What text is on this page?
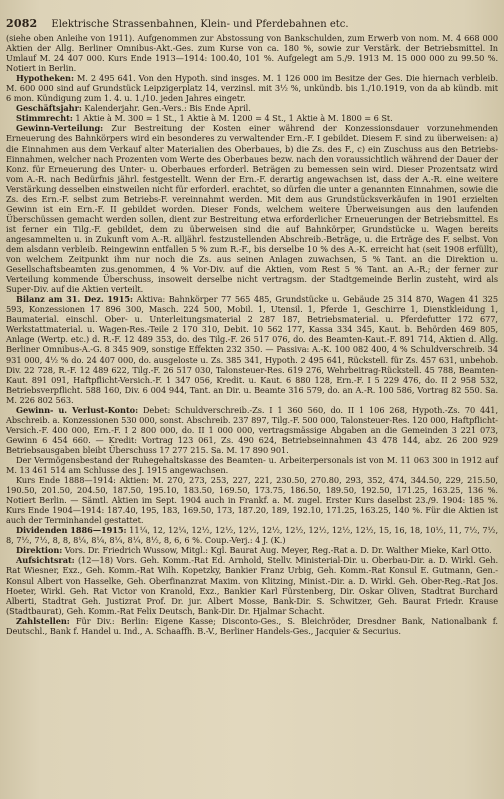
2082 Elektrische Strassenbahnen, Klein- und Pferdebahnen etc.

(siehe oben Anleihe von 1911). Aufgenommen zur Abstossung von Bankschulden, zum Erwerb von nom. M. 4 668 000 Aktien der Allg. Berliner Omnibus-Akt.-Ges. zum Kurse von ca. 180 %, sowie zur Verstärk. der Betriebsmittel. In Umlauf M. 24 407 000. Kurs Ende 1913—1914: 100.40, 101 %. Aufgelegt am 5./9. 1913 M. 15 000 000 zu 99.50 %. Notiert in Berlin.

Hypotheken: M. 2 495 641. Von den Hypoth. sind insges. M. 1 126 000 im Besitze der Ges. Die hiernach verbleib. M. 600 000 sind auf Grundstück Leipzigerplatz 14, verzinsl. mit 3½ %, unkündb. bis 1./10.1919, von da ab kündb. mit 6 mon. Kündigung zum 1. 4. u. 1./10. jeden Jahres eingetr.

Geschäftsjahr: Kalenderjahr. Gen.-Vers.: Bis Ende April.

Stimmrecht: 1 Aktie à M. 300 = 1 St., 1 Aktie à M. 1200 = 4 St., 1 Aktie à M. 1800 = 6 St.

Gewinn-Verteilung: Zur Bestreitung der Kosten einer während der Konzessionsdauer vorzunehmenden Erneuerung des Bahnkörpers wird ein besonderes zu verwaltender Ern.-F. I gebildet. Diesem F. sind zu überweisen: a) die Einnahmen aus dem Verkauf alter Materialien des Oberbaues, b) die Zs. des F., c) ein Zuschuss aus den Betriebs-Einnahmen, welcher nach Prozenten vom Werte des Oberbaues bezw. nach den voraussichtlich während der Dauer der Konz. für Erneuerung des Unter- u. Oberbaues erforderl. Beträgen zu bemessen sein wird. Dieser Prozentsatz wird vom A.-R. nach Bedürfnis jährl. festgestellt. Wenn der Ern.-F. derartig angewachsen ist, dass der A.-R. eine weitere Verstärkung desselben einstweilen nicht für erforderl. erachtet, so dürfen die unter a genannten Einnahmen, sowie die Zs. des Ern.-F. selbst zum Betriebs-F. vereinnahmt werden. Mit dem aus Grundstücksverkäufen in 1901 erzielten Gewinn ist ein Ern.-F. II gebildet worden. Dieser Fonds, welchem weitere Überweisungen aus den laufenden Überschüssen gemacht werden sollen, dient zur Bestreitung etwa erforderlicher Erneuerungen der Betriebsmittel. Es ist ferner ein Tilg.-F. gebildet, dem zu überweisen sind die auf Bahnkörper, Grundstücke u. Wagen bereits angesammelten u. in Zukunft vom A.-R. alljährl. festzustellenden Abschreib.-Beträge, u. die Erträge des F. selbst. Von dem alsdann verbleib. Reingewinn entfallen 5 % zum R.-F., bis derselbe 10 % des A.-K. erreicht hat (seit 1908 erfüllt), von welchem Zeitpunkt ihm nur noch die Zs. aus seinen Anlagen zuwachsen, 5 % Tant. an die Direktion u. Gesellschaftsbeamten zus.genommen, 4 % Vor-Div. auf die Aktien, vom Rest 5 % Tant. an A.-R.; der ferner zur Verteilung kommende Überschuss, insoweit derselbe nicht vertragsm. der Stadtgemeinde Berlin zusteht, wird als Super-Div. auf die Aktien verteilt.

Bilanz am 31. Dez. 1915: Aktiva: Bahnkörper 77 565 485, Grundstücke u. Gebäude 25 314 870, Wagen 41 325 593, Konzessionen 17 896 300, Masch. 224 500, Mobil. 1, Utensil. 1, Pferde 1, Geschirre 1, Dienstkleidung 1, Baumaterial. einschl. Ober- u. Unterleitungsmaterial 2 287 187, Betriebsmaterial. u. Pferdefutter 172 677, Werkstattmaterial. u. Wagen-Res.-Teile 2 170 310, Debit. 10 562 177, Kassa 334 345, Kaut. b. Behörden 469 805, Anlage (Wertp. etc.) d. R.-F. 12 489 353, do. des Tilg.-F. 26 517 076, do. des Beamten-Kaut.-F. 891 714, Aktien d. Allg. Berliner Omnibus-A.-G. 8 345 909, sonstige Effekten 232 350. — Passiva: A.-K. 100 082 400, 4 % Schuldverschreib. 34 931 000, 4½ % do. 24 407 000, do. ausgeloste u. Zs. 385 341, Hypoth. 2 495 641, Rückstell. für Zs. 457 631, unbehob. Div. 22 728, R.-F. 12 489 622, Tilg.-F. 26 517 030, Talonsteuer-Res. 619 276, Wehrbeitrag-Rückstell. 45 788, Beamten-Kaut. 891 091, Haftpflicht-Versich.-F. 1 347 056, Kredit. u. Kaut. 6 880 128, Ern.-F. I 5 229 476, do. II 2 958 532, Betriebsverpflicht. 588 160, Div. 6 004 944, Tant. an Dir. u. Beamte 316 579, do. an A.-R. 100 586, Vortrag 82 550. Sa. M. 226 802 563.

Gewinn- u. Verlust-Konto: Debet: Schuldverschreib.-Zs. I 1 360 560, do. II 1 106 268, Hypoth.-Zs. 70 441, Abschreib. a. Konzessionen 530 000, sonst. Abschreib. 237 897, Tilg.-F. 500 000, Talonsteuer-Res. 120 000, Haftpflicht-Versich.-F. 400 000, Ern.-F. I 2 800 000, do. II 1 000 000, vertragsmässige Abgaben an die Gemeinden 3 221 073, Gewinn 6 454 660. — Kredit: Vortrag 123 061, Zs. 490 624, Betriebseinnahmen 43 478 144, abz. 26 200 929 Betriebsausgaben bleibt Überschuss 17 277 215. Sa. M. 17 890 901.

Der Vermögensbestand der Ruhegehaltskasse des Beamten- u. Arbeiterpersonals ist von M. 11 063 300 in 1912 auf M. 13 461 514 am Schlusse des J. 1915 angewachsen.

Kurs Ende 1888—1914: Aktien: M. 270, 273, 253, 227, 221, 230.50, 270.80, 293, 352, 474, 344.50, 229, 215.50, 190.50, 201.50, 204.50, 187.50, 195.10, 183.50, 169.50, 173.75, 186.50, 189.50, 192.50, 171.25, 163.25, 136 %. Notiert Berlin. — Sämtl. Aktien im Sept. 1904 auch in Frankf. a. M. zugel. Erster Kurs daselbst 23./9. 1904: 185 %. Kurs Ende 1904—1914: 187.40, 195, 183, 169.50, 173, 187.20, 189, 192.10, 171.25, 163.25, 140 %. Für die Aktien ist auch der Terminhandel gestattet.

Dividenden 1886—1915: 11¼, 12, 12¼, 12½, 12½, 12½, 12½, 12½, 12½, 12½, 12½, 15, 16, 18, 10½, 11, 7½, 7½, 8, 7½, 7½, 8, 8, 8¼, 8¼, 8¼, 8¼, 8½, 8, 6, 6 %. Coup.-Verj.: 4 J. (K.)

Direktion: Vors. Dr. Friedrich Wussow, Mitgl.: Kgl. Baurat Aug. Meyer, Reg.-Rat a. D. Dr. Walther Mieke, Karl Otto.

Aufsichtsrat: (12—18) Vors. Geh. Komm.-Rat Ed. Arnhold, Stellv. Ministerial-Dir. u. Oberbau-Dir. a. D. Wirkl. Geh. Rat Wiesner, Exz., Geh. Komm.-Rat Wilh. Kopetzky, Bankier Franz Urbig, Geh. Komm.-Rat Konsul E. Gutmann, Gen.-Konsul Albert von Hasselke, Geh. Oberfinanzrat Maxim. von Klitzing, Minist.-Dir. a. D. Wirkl. Geh. Ober-Reg.-Rat Jos. Hoeter, Wirkl. Geh. Rat Victor von Kranold, Exz., Bankier Karl Fürstenberg, Dir. Oskar Oliven, Stadtrat Burchard Alberti, Stadtrat Geh. Justizrat Prof. Dr. jur. Albert Mosse, Bank-Dir. S. Schwitzer, Geh. Baurat Friedr. Krause (Stadtbaurat), Geh. Komm.-Rat Felix Deutsch, Bank-Dir. Dr. Hjalmar Schacht.

Zahlstellen: Für Div.: Berlin: Eigene Kasse; Disconto-Ges., S. Bleichröder, Dresdner Bank, Nationalbank f. Deutschl., Bank f. Handel u. Ind., A. Schaaffh. B.-V., Berliner Handels-Ges., Jacquier & Securius.
